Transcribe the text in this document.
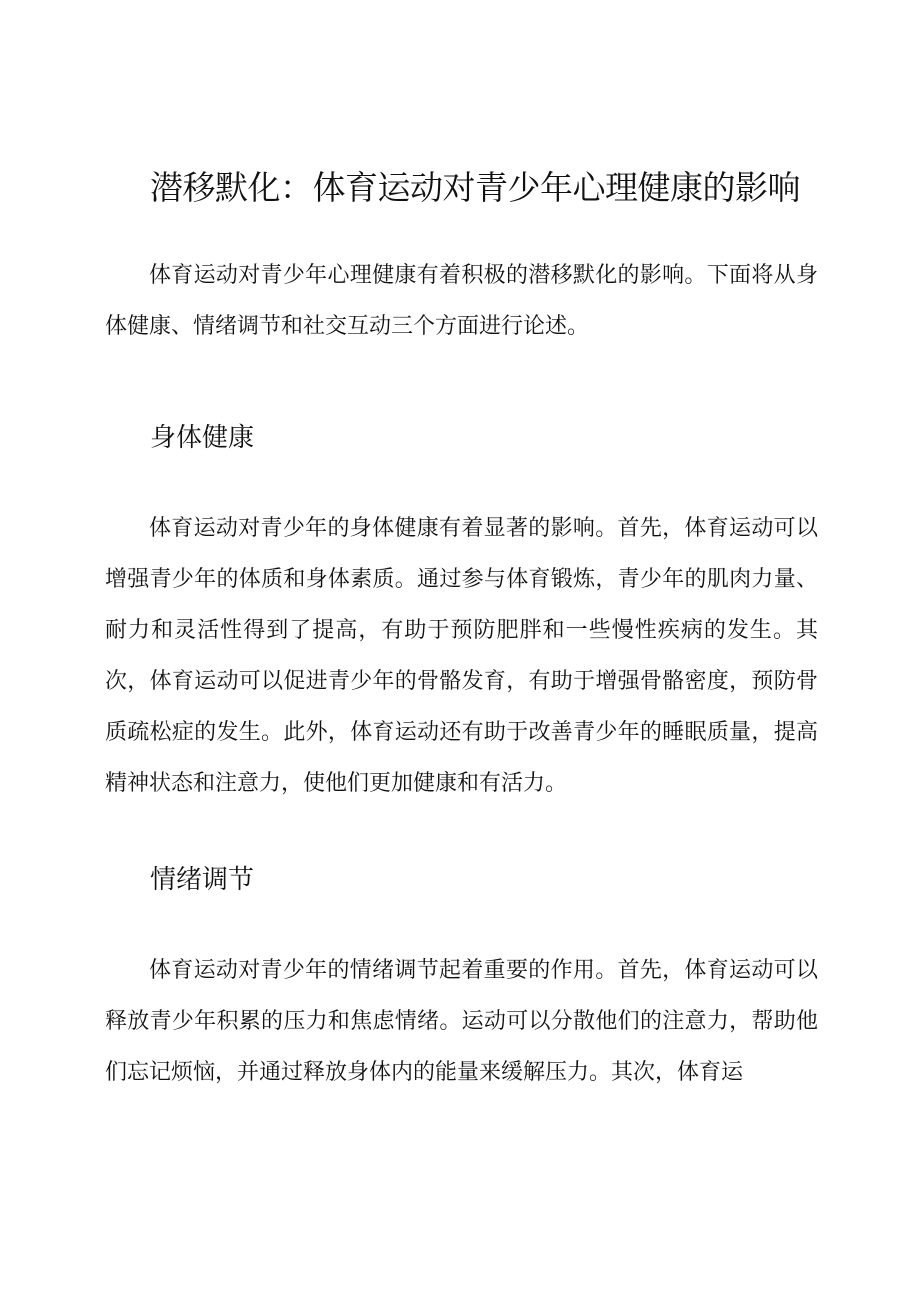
潜移默化：体育运动对青少年心理健康的影响

体育运动对青少年心理健康有着积极的潜移默化的影响。下面将从身体健康、情绪调节和社交互动三个方面进行论述。

身体健康

体育运动对青少年的身体健康有着显著的影响。首先，体育运动可以增强青少年的体质和身体素质。通过参与体育锻炼，青少年的肌肉力量、耐力和灵活性得到了提高，有助于预防肥胖和一些慢性疾病的发生。其次，体育运动可以促进青少年的骨骼发育，有助于增强骨骼密度，预防骨质疏松症的发生。此外，体育运动还有助于改善青少年的睡眠质量，提高精神状态和注意力，使他们更加健康和有活力。

情绪调节

体育运动对青少年的情绪调节起着重要的作用。首先，体育运动可以释放青少年积累的压力和焦虑情绪。运动可以分散他们的注意力，帮助他们忘记烦恼，并通过释放身体内的能量来缓解压力。其次，体育运
